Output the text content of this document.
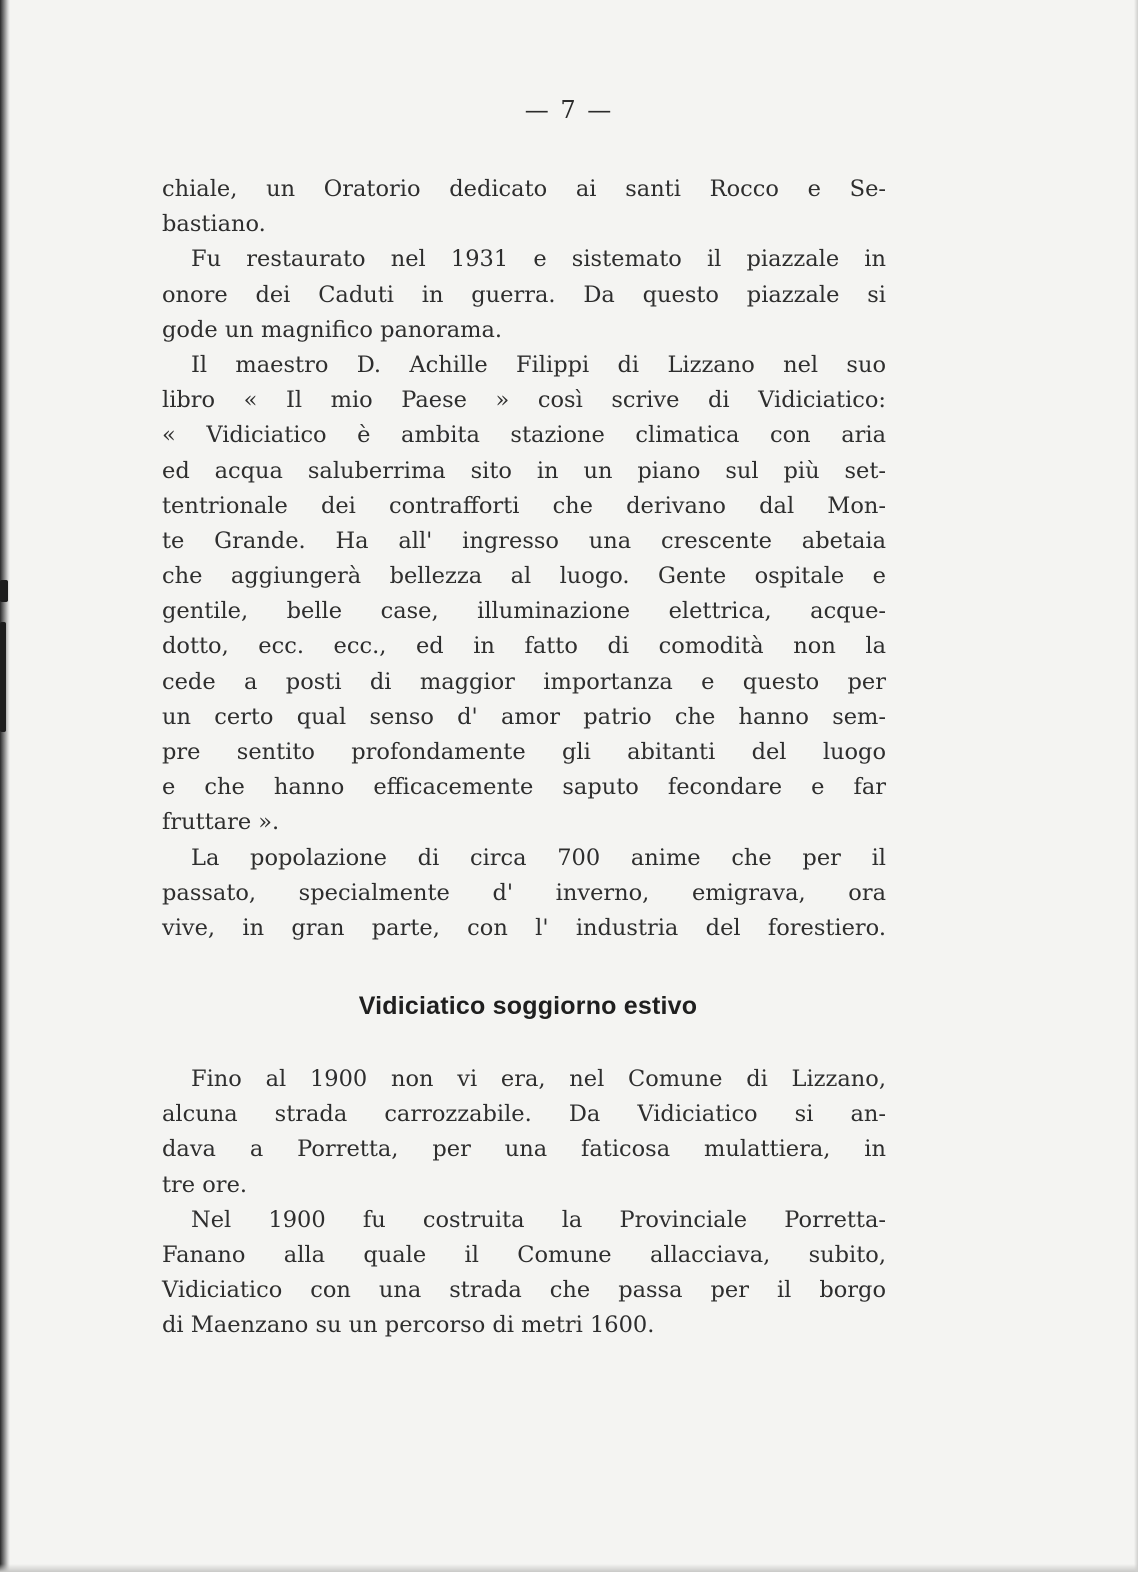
— 7 —
chiale, un Oratorio dedicato ai santi Rocco e Se-
bastiano.
Fu restaurato nel 1931 e sistemato il piazzale in
onore dei Caduti in guerra. Da questo piazzale si
gode un magnifico panorama.
Il maestro D. Achille Filippi di Lizzano nel suo
libro « Il mio Paese » così scrive di Vidiciatico:
« Vidiciatico è ambita stazione climatica con aria
ed acqua saluberrima sito in un piano sul più set-
tentrionale dei contrafforti che derivano dal Mon-
te Grande. Ha all' ingresso una crescente abetaia
che aggiungerà bellezza al luogo. Gente ospitale e
gentile, belle case, illuminazione elettrica, acque-
dotto, ecc. ecc., ed in fatto di comodità non la
cede a posti di maggior importanza e questo per
un certo qual senso d' amor patrio che hanno sem-
pre sentito profondamente gli abitanti del luogo
e che hanno efficacemente saputo fecondare e far
fruttare ».
La popolazione di circa 700 anime che per il
passato, specialmente d' inverno, emigrava, ora
vive, in gran parte, con l' industria del forestiero.
Vidiciatico soggiorno estivo
Fino al 1900 non vi era, nel Comune di Lizzano,
alcuna strada carrozzabile. Da Vidiciatico si an-
dava a Porretta, per una faticosa mulattiera, in
tre ore.
Nel 1900 fu costruita la Provinciale Porretta-
Fanano alla quale il Comune allacciava, subito,
Vidiciatico con una strada che passa per il borgo
di Maenzano su un percorso di metri 1600.
